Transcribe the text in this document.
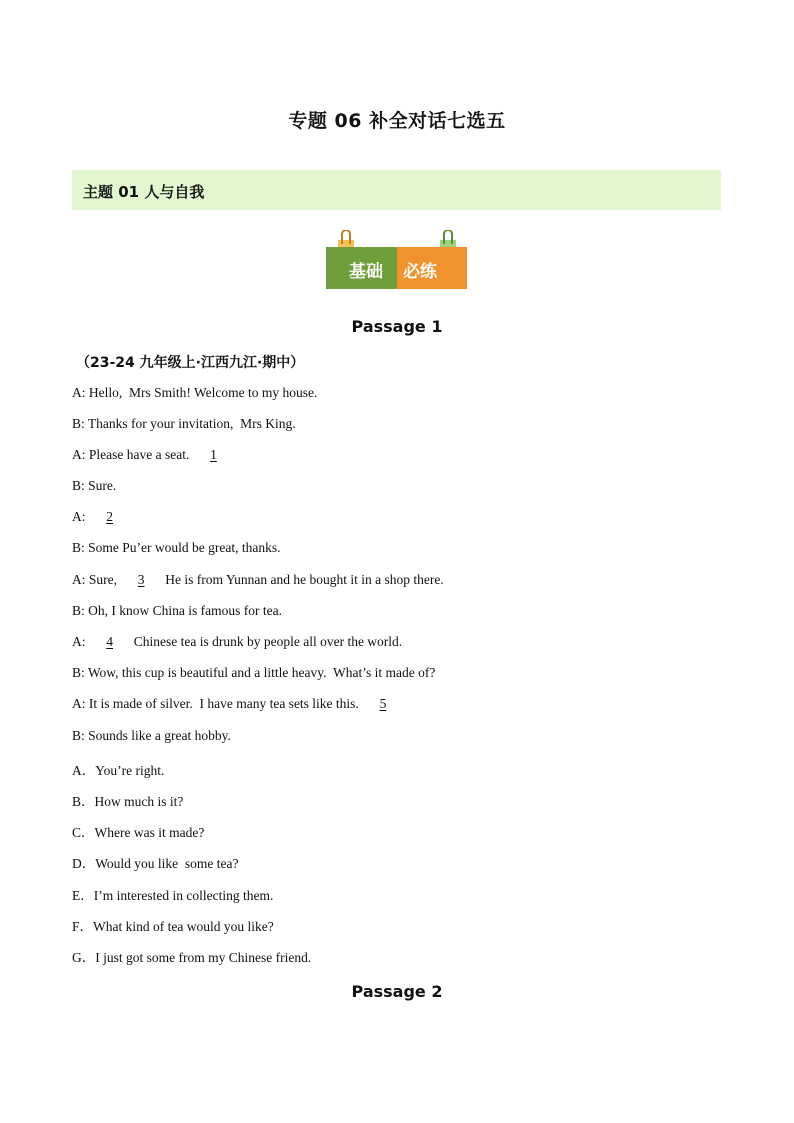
专题 06 补全对话七选五
主题 01 人与自我
基础 必练
Passage 1
（23-24 九年级上·江西九江·期中）
A: Hello,  Mrs Smith! Welcome to my house.
B: Thanks for your invitation,  Mrs King.
A: Please have a seat.  1
B: Sure.
A: 2
B: Some Pu’er would be great, thanks.
A: Sure,  3  He is from Yunnan and he bought it in a shop there.
B: Oh, I know China is famous for tea.
A: 4  Chinese tea is drunk by people all over the world.
B: Wow, this cup is beautiful and a little heavy.  What’s it made of?
A: It is made of silver.  I have many tea sets like this.  5
B: Sounds like a great hobby.
A．You’re right.
B．How much is it?
C．Where was it made?
D．Would you like  some tea?
E．I’m interested in collecting them.
F．What kind of tea would you like?
G．I just got some from my Chinese friend.
Passage 2
